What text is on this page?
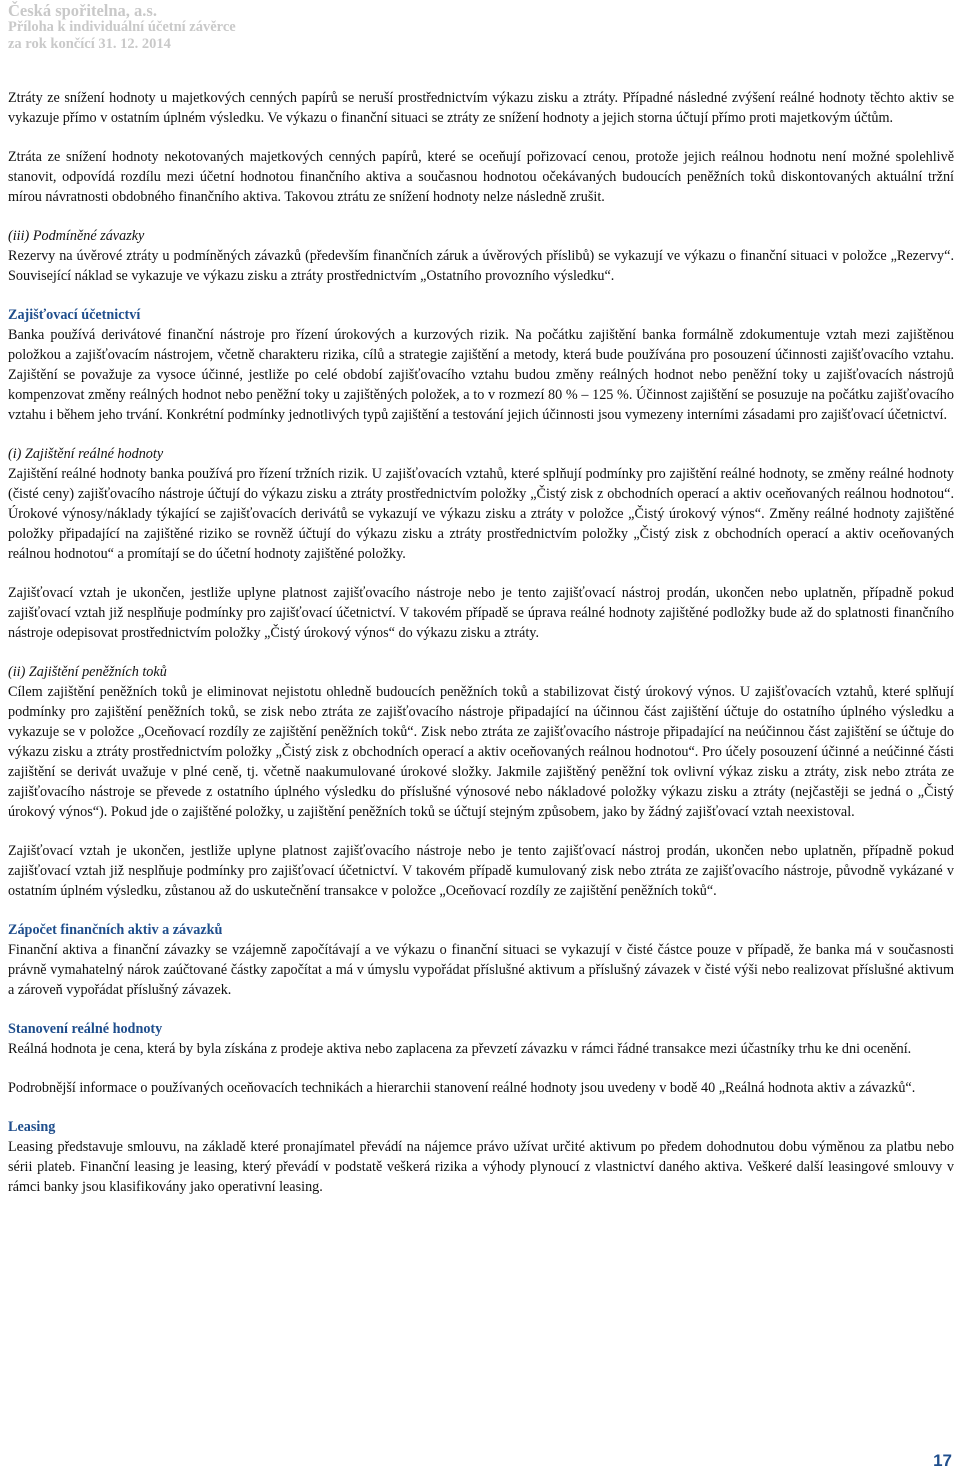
Česká spořitelna, a.s.
Příloha k individuální účetní závěrce
za rok končící 31. 12. 2014

Ztráty ze snížení hodnoty u majetkových cenných papírů se neruší prostřednictvím výkazu zisku a ztráty. Případné následné zvýšení reálné hodnoty těchto aktiv se vykazuje přímo v ostatním úplném výsledku. Ve výkazu o finanční situaci se ztráty ze snížení hodnoty a jejich storna účtují přímo proti majetkovým účtům.

Ztráta ze snížení hodnoty nekotovaných majetkových cenných papírů, které se oceňují pořizovací cenou, protože jejich reálnou hodnotu není možné spolehlivě stanovit, odpovídá rozdílu mezi účetní hodnotou finančního aktiva a současnou hodnotou očekávaných budoucích peněžních toků diskontovaných aktuální tržní mírou návratnosti obdobného finančního aktiva. Takovou ztrátu ze snížení hodnoty nelze následně zrušit.

(iii) Podmíněné závazky

Rezervy na úvěrové ztráty u podmíněných závazků (především finančních záruk a úvěrových příslibů) se vykazují ve výkazu o finanční situaci v položce „Rezervy“. Související náklad se vykazuje ve výkazu zisku a ztráty prostřednictvím „Ostatního provozního výsledku“.

Zajišťovací účetnictví

Banka používá derivátové finanční nástroje pro řízení úrokových a kurzových rizik. Na počátku zajištění banka formálně zdokumentuje vztah mezi zajištěnou položkou a zajišťovacím nástrojem, včetně charakteru rizika, cílů a strategie zajištění a metody, která bude používána pro posouzení účinnosti zajišťovacího vztahu. Zajištění se považuje za vysoce účinné, jestliže po celé období zajišťovacího vztahu budou změny reálných hodnot nebo peněžní toky u zajišťovacích nástrojů kompenzovat změny reálných hodnot nebo peněžní toky u zajištěných položek, a to v rozmezí 80 % – 125 %. Účinnost zajištění se posuzuje na počátku zajišťovacího vztahu i během jeho trvání. Konkrétní podmínky jednotlivých typů zajištění a testování jejich účinnosti jsou vymezeny interními zásadami pro zajišťovací účetnictví.

(i) Zajištění reálné hodnoty

Zajištění reálné hodnoty banka používá pro řízení tržních rizik. U zajišťovacích vztahů, které splňují podmínky pro zajištění reálné hodnoty, se změny reálné hodnoty (čisté ceny) zajišťovacího nástroje účtují do výkazu zisku a ztráty prostřednictvím položky „Čistý zisk z obchodních operací a aktiv oceňovaných reálnou hodnotou“. Úrokové výnosy/náklady týkající se zajišťovacích derivátů se vykazují ve výkazu zisku a ztráty v položce „Čistý úrokový výnos“. Změny reálné hodnoty zajištěné položky připadající na zajištěné riziko se rovněž účtují do výkazu zisku a ztráty prostřednictvím položky „Čistý zisk z obchodních operací a aktiv oceňovaných reálnou hodnotou“ a promítají se do účetní hodnoty zajištěné položky.

Zajišťovací vztah je ukončen, jestliže uplyne platnost zajišťovacího nástroje nebo je tento zajišťovací nástroj prodán, ukončen nebo uplatněn, případně pokud zajišťovací vztah již nesplňuje podmínky pro zajišťovací účetnictví. V takovém případě se úprava reálné hodnoty zajištěné podložky bude až do splatnosti finančního nástroje odepisovat prostřednictvím položky „Čistý úrokový výnos“ do výkazu zisku a ztráty.

(ii) Zajištění peněžních toků

Cílem zajištění peněžních toků je eliminovat nejistotu ohledně budoucích peněžních toků a stabilizovat čistý úrokový výnos. U zajišťovacích vztahů, které splňují podmínky pro zajištění peněžních toků, se zisk nebo ztráta ze zajišťovacího nástroje připadající na účinnou část zajištění účtuje do ostatního úplného výsledku a vykazuje se v položce „Oceňovací rozdíly ze zajištění peněžních toků“. Zisk nebo ztráta ze zajišťovacího nástroje připadající na neúčinnou část zajištění se účtuje do výkazu zisku a ztráty prostřednictvím položky „Čistý zisk z obchodních operací a aktiv oceňovaných reálnou hodnotou“. Pro účely posouzení účinné a neúčinné části zajištění se derivát uvažuje v plné ceně, tj. včetně naakumulované úrokové složky. Jakmile zajištěný peněžní tok ovlivní výkaz zisku a ztráty, zisk nebo ztráta ze zajišťovacího nástroje se převede z ostatního úplného výsledku do příslušné výnosové nebo nákladové položky výkazu zisku a ztráty (nejčastěji se jedná o „Čistý úrokový výnos“). Pokud jde o zajištěné položky, u zajištění peněžních toků se účtují stejným způsobem, jako by žádný zajišťovací vztah neexistoval.

Zajišťovací vztah je ukončen, jestliže uplyne platnost zajišťovacího nástroje nebo je tento zajišťovací nástroj prodán, ukončen nebo uplatněn, případně pokud zajišťovací vztah již nesplňuje podmínky pro zajišťovací účetnictví. V takovém případě kumulovaný zisk nebo ztráta ze zajišťovacího nástroje, původně vykázané v ostatním úplném výsledku, zůstanou až do uskutečnění transakce v položce „Oceňovací rozdíly ze zajištění peněžních toků“.

Zápočet finančních aktiv a závazků

Finanční aktiva a finanční závazky se vzájemně započítávají a ve výkazu o finanční situaci se vykazují v čisté částce pouze v případě, že banka má v současnosti právně vymahatelný nárok zaúčtované částky započítat a má v úmyslu vypořádat příslušné aktivum a příslušný závazek v čisté výši nebo realizovat příslušné aktivum a zároveň vypořádat příslušný závazek.

Stanovení reálné hodnoty

Reálná hodnota je cena, která by byla získána z prodeje aktiva nebo zaplacena za převzetí závazku v rámci řádné transakce mezi účastníky trhu ke dni ocenění.

Podrobnější informace o používaných oceňovacích technikách a hierarchii stanovení reálné hodnoty jsou uvedeny v bodě 40 „Reálná hodnota aktiv a závazků“.

Leasing

Leasing představuje smlouvu, na základě které pronajímatel převádí na nájemce právo užívat určité aktivum po předem dohodnutou dobu výměnou za platbu nebo sérii plateb. Finanční leasing je leasing, který převádí v podstatě veškerá rizika a výhody plynoucí z vlastnictví daného aktiva. Veškeré další leasingové smlouvy v rámci banky jsou klasifikovány jako operativní leasing.

17
